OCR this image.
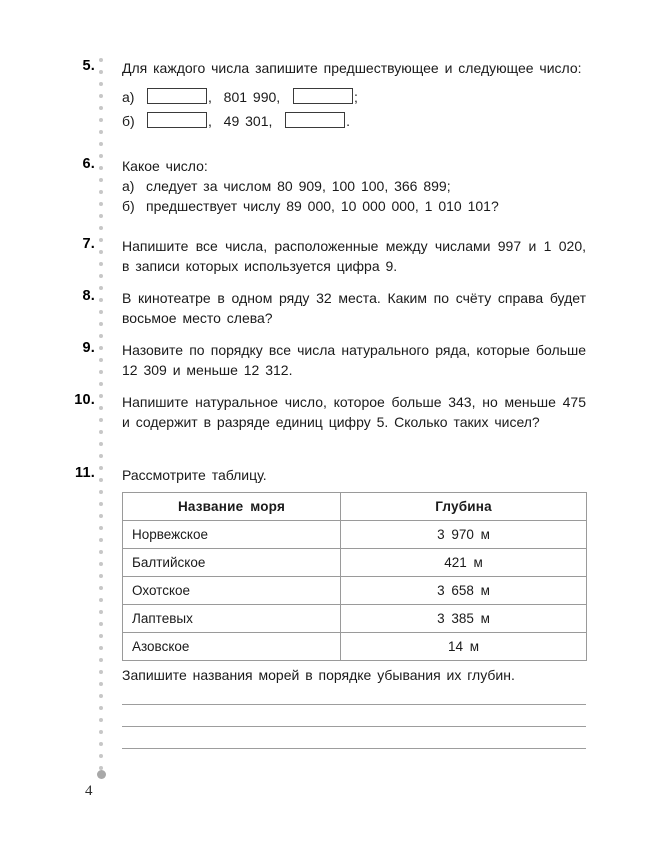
5. Для каждого числа запишите предшествующее и следующее число:
а)	, 801 990,	;
б)	, 49 301,	.
6. Какое число:
а) следует за числом 80 909, 100 100, 366 899;
б) предшествует числу 89 000, 10 000 000, 1 010 101?
7. Напишите все числа, расположенные между числами 997 и 1 020, в записи которых используется цифра 9.
8. В кинотеатре в одном ряду 32 места. Каким по счёту справа будет восьмое место слева?
9. Назовите по порядку все числа натурального ряда, которые больше 12 309 и меньше 12 312.
10. Напишите натуральное число, которое больше 343, но меньше 475 и содержит в разряде единиц цифру 5. Сколько таких чисел?
11. Рассмотрите таблицу.
Название моря	Глубина
Норвежское	3 970 м
Балтийское	421 м
Охотское	3 658 м
Лаптевых	3 385 м
Азовское	14 м
Запишите названия морей в порядке убывания их глубин.
4
